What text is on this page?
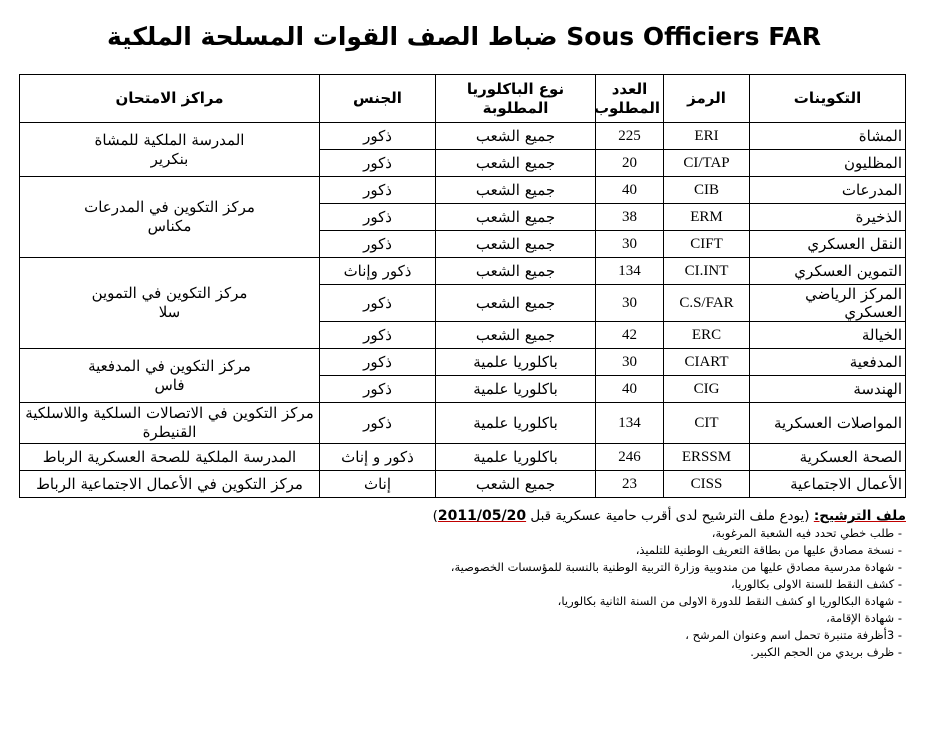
ضباط الصف القوات المسلحة الملكية Sous Officiers FAR
التكوينات	الرمز	العدد المطلوب	نوع الباكلوريا المطلوبة	الجنس	مراكز الامتحان
المشاة	ERI	225	جميع الشعب	ذكور	المدرسة الملكية للمشاة
بنكرير

المظليون	CI/TAP	20	جميع الشعب	ذكور	
المدرعات	CIB	40	جميع الشعب	ذكور	مركز التكوين في المدرعات
مكناس

الذخيرة	ERM	38	جميع الشعب	ذكور	
النقل العسكري	CIFT	30	جميع الشعب	ذكور	
التموين العسكري	CI.INT	134	جميع الشعب	ذكور وإناث	مركز التكوين في التموين
سلا

المركز الرياضي العسكري	C.S/FAR	30	جميع الشعب	ذكور	
الخيالة	ERC	42	جميع الشعب	ذكور	
المدفعية	CIART	30	باكلوريا علمية	ذكور	مركز التكوين في المدفعية
فاس

الهندسة	CIG	40	باكلوريا علمية	ذكور	
المواصلات العسكرية	CIT	134	باكلوريا علمية	ذكور	مركز التكوين في الاتصالات السلكية واللاسلكية
القنيطرة

الصحة العسكرية	ERSSM	246	باكلوريا علمية	ذكور و إناث	المدرسة الملكية للصحة العسكرية الرباط

الأعمال الاجتماعية	CISS	23	جميع الشعب	إناث	مركز التكوين في الأعمال الاجتماعية الرباط
ملف الترشيح: (يودع ملف الترشيح لدى أقرب حامية عسكرية قبل 2011/05/20)
- طلب خطي تحدد فيه الشعبة المرغوبة،
- نسخة مصادق عليها من بطاقة التعريف الوطنية للتلميذ،
- شهادة مدرسية مصادق عليها من مندوبية وزارة التربية الوطنية بالنسبة للمؤسسات الخصوصية،
- كشف النقط للسنة الاولى بكالوريا،
- شهادة البكالوريا او كشف النقط للدورة الاولى من السنة الثانية بكالوريا،
- شهادة الإقامة،
- 3أظرفة متنبرة تحمل اسم وعنوان المرشح ،
- ظرف بريدي من الحجم الكبير.
